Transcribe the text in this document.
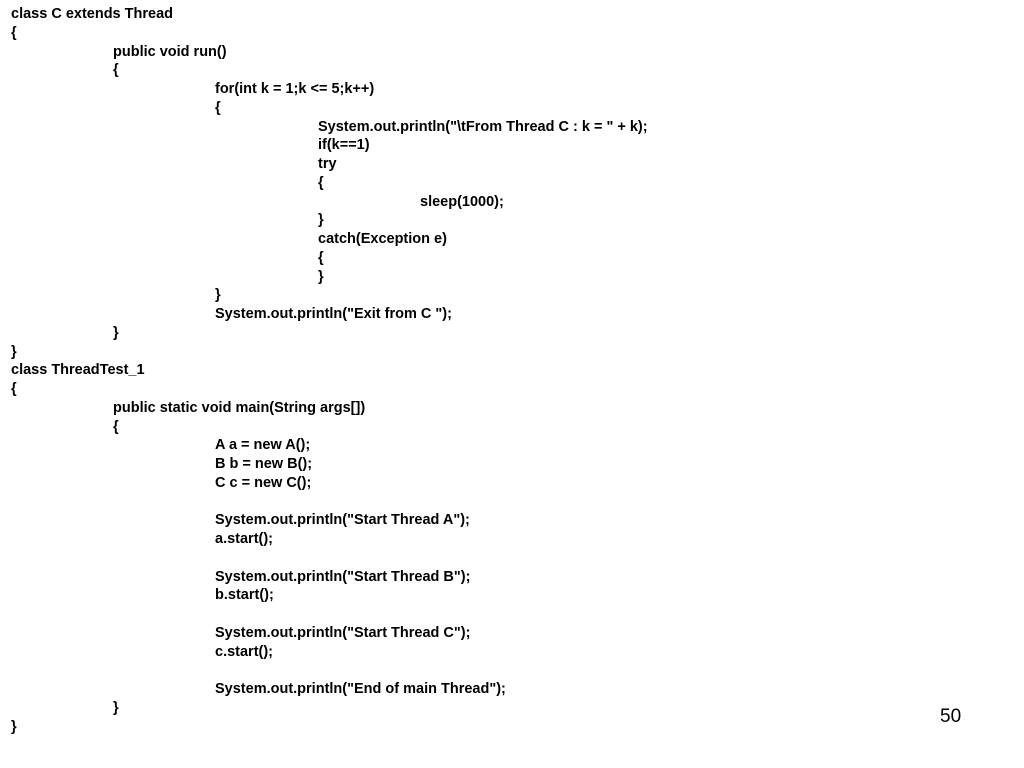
class C extends Thread
{
public void run()
{
for(int k = 1;k <= 5;k++)
{
System.out.println("\tFrom Thread C : k = " + k);
if(k==1)
try
{
sleep(1000);
}
catch(Exception e)
{
}
}
System.out.println("Exit from C ");
}
}
class ThreadTest_1
{
public static void main(String args[])
{
A a = new A();
B b = new B();
C c = new C();
System.out.println("Start Thread A");
a.start();
System.out.println("Start Thread B");
b.start();
System.out.println("Start Thread C");
c.start();
System.out.println("End of main Thread");
}
}	50
